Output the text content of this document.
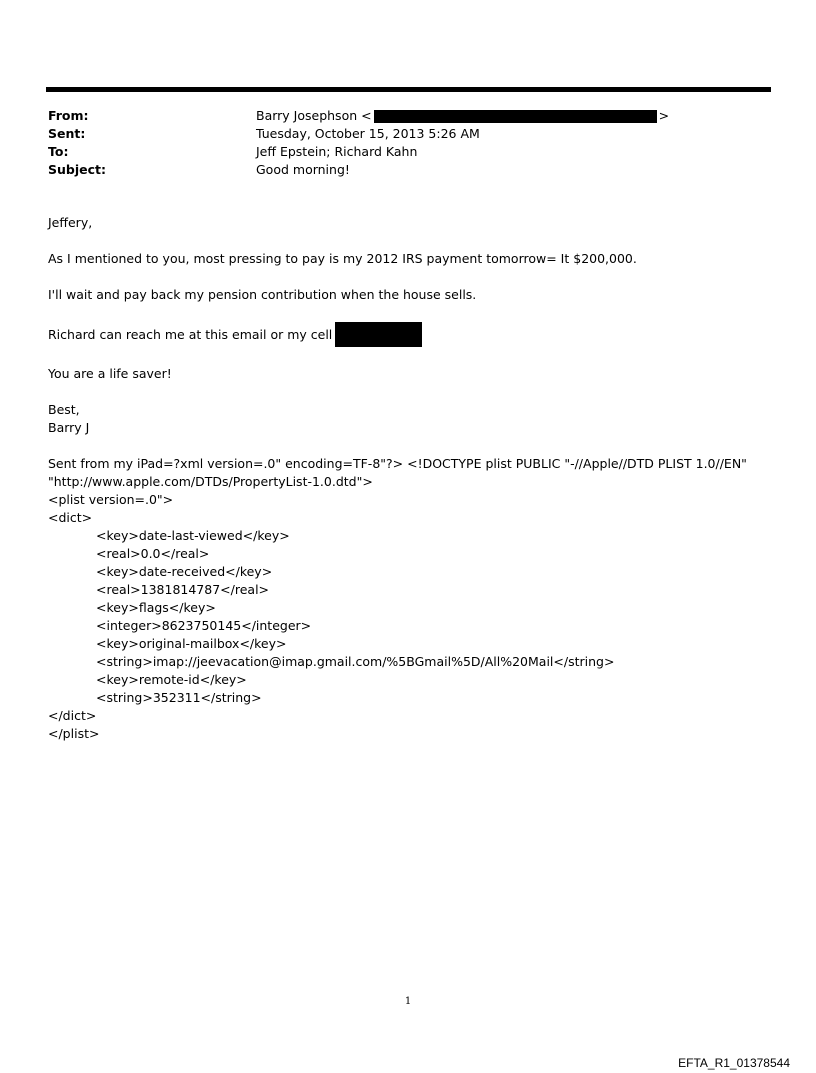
From:	Barry Josephson <	>
Sent:	Tuesday, October 15, 2013 5:26 AM
To:	Jeff Epstein; Richard Kahn
Subject:	Good morning!

Jeffery,

As I mentioned to you, most pressing to pay is my 2012 IRS payment tomorrow= It $200,000.

I'll wait and pay back my pension contribution when the house sells.

Richard can reach me at this email or my cell

You are a life saver!

Best,

Barry J

Sent from my iPad=?xml version=.0" encoding=TF-8"?> <!DOCTYPE plist PUBLIC "-//Apple//DTD PLIST 1.0//EN"

"http://www.apple.com/DTDs/PropertyList-1.0.dtd">

<plist version=.0">

<dict>

<key>date-last-viewed</key>

<real>0.0</real>

<key>date-received</key>

<real>1381814787</real>

<key>flags</key>

<integer>8623750145</integer>

<key>original-mailbox</key>

<string>imap://jeevacation@imap.gmail.com/%5BGmail%5D/All%20Mail</string>

<key>remote-id</key>

<string>352311</string>

</dict>

</plist>

1
EFTA_R1_01378544
